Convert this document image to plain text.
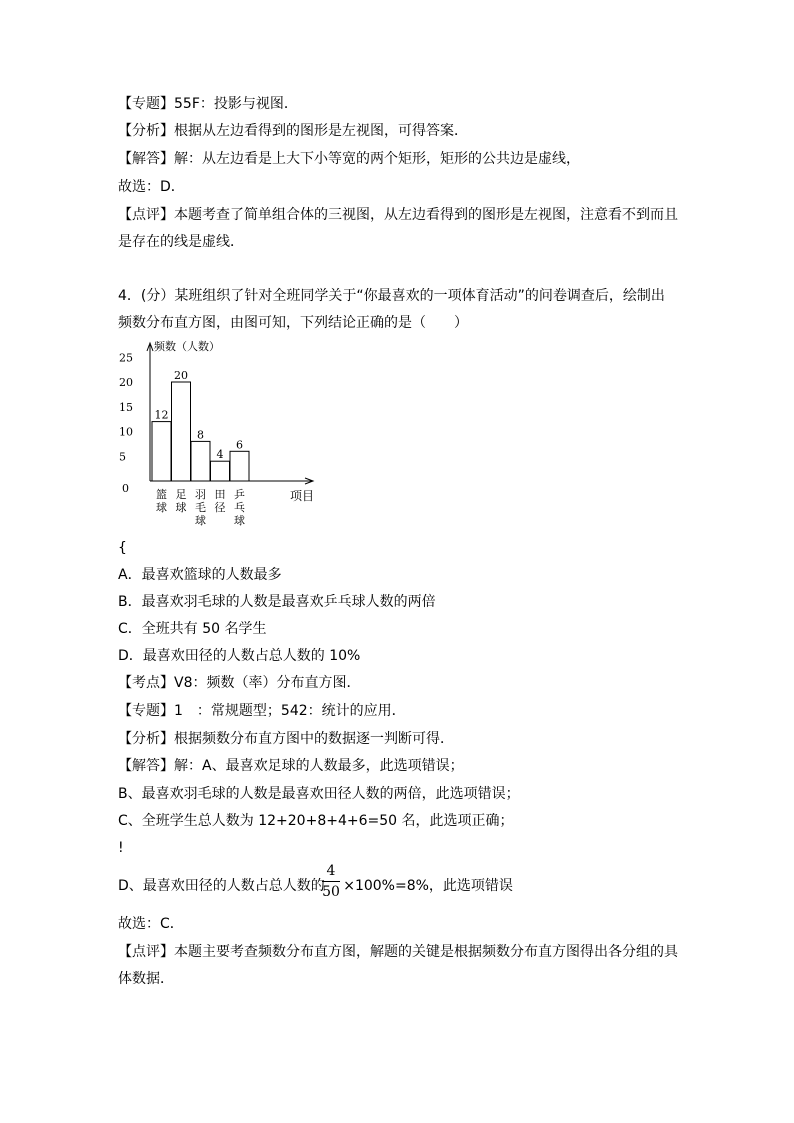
【专题】55F：投影与视图．
【分析】根据从左边看得到的图形是左视图，可得答案．
【解答】解：从左边看是上大下小等宽的两个矩形，矩形的公共边是虚线，
故选：D．
【点评】本题考查了简单组合体的三视图，从左边看得到的图形是左视图，注意看不到而且
是存在的线是虚线．
4．(分）某班组织了针对全班同学关于“你最喜欢的一项体育活动”的问卷调查后，绘制出
频数分布直方图，由图可知，下列结论正确的是（　　）
{
A．最喜欢篮球的人数最多
B．最喜欢羽毛球的人数是最喜欢乒乓球人数的两倍
C．全班共有 50 名学生
D．最喜欢田径的人数占总人数的 10%
【考点】V8：频数（率）分布直方图．
【专题】1　：常规题型；542：统计的应用．
【分析】根据频数分布直方图中的数据逐一判断可得．
【解答】解：A、最喜欢足球的人数最多，此选项错误；
B、最喜欢羽毛球的人数是最喜欢田径人数的两倍，此选项错误；
C、全班学生总人数为 12+20+8+4+6=50 名，此选项正确；
!
D、最喜欢田径的人数占总人数的　 ×100%=8%，此选项错误
故选：C．
【点评】本题主要考查频数分布直方图，解题的关键是根据频数分布直方图得出各分组的具
体数据．
频数（人数）
0
5
10
15
20
25
12
篮球
20
足球
8
羽毛球
4
田径
6
乒乓球
项目
4
50
